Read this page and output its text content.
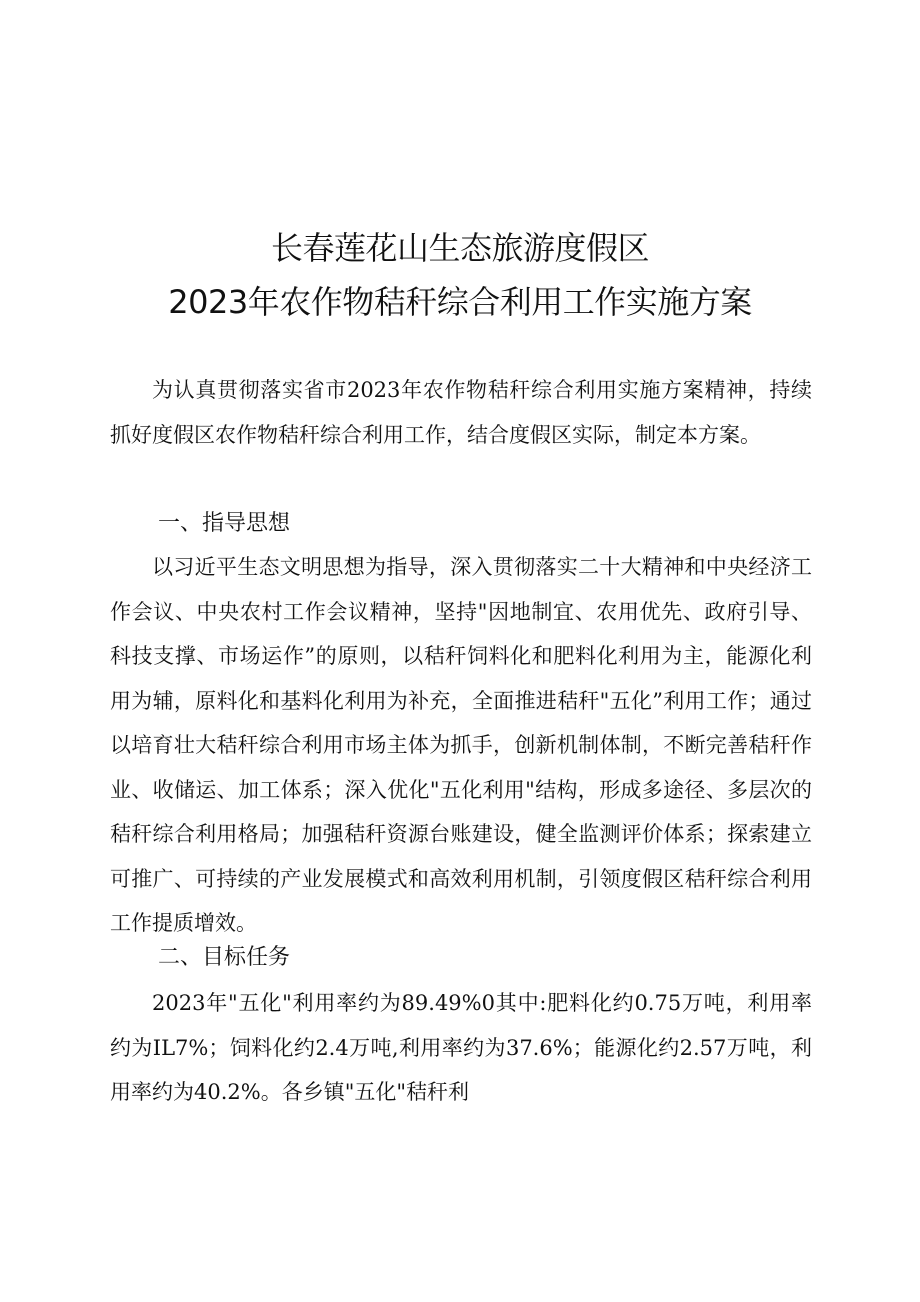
长春莲花山生态旅游度假区
2023年农作物秸秆综合利用工作实施方案

为认真贯彻落实省市2023年农作物秸秆综合利用实施方案精神，持续抓好度假区农作物秸秆综合利用工作，结合度假区实际，制定本方案。

一、指导思想

以习近平生态文明思想为指导，深入贯彻落实二十大精神和中央经济工作会议、中央农村工作会议精神，坚持"因地制宜、农用优先、政府引导、科技支撑、市场运作”的原则，以秸秆饲料化和肥料化利用为主，能源化利用为辅，原料化和基料化利用为补充，全面推进秸秆"五化”利用工作；通过以培育壮大秸秆综合利用市场主体为抓手，创新机制体制，不断完善秸秆作业、收储运、加工体系；深入优化"五化利用"结构，形成多途径、多层次的秸秆综合利用格局；加强秸秆资源台账建设，健全监测评价体系；探索建立可推广、可持续的产业发展模式和高效利用机制，引领度假区秸秆综合利用工作提质增效。

二、目标任务

2023年"五化"利用率约为89.49%0其中:肥料化约0.75万吨，利用率约为IL7%；饲料化约2.4万吨,利用率约为37.6%；能源化约2.57万吨，利用率约为40.2%。各乡镇"五化"秸秆利
